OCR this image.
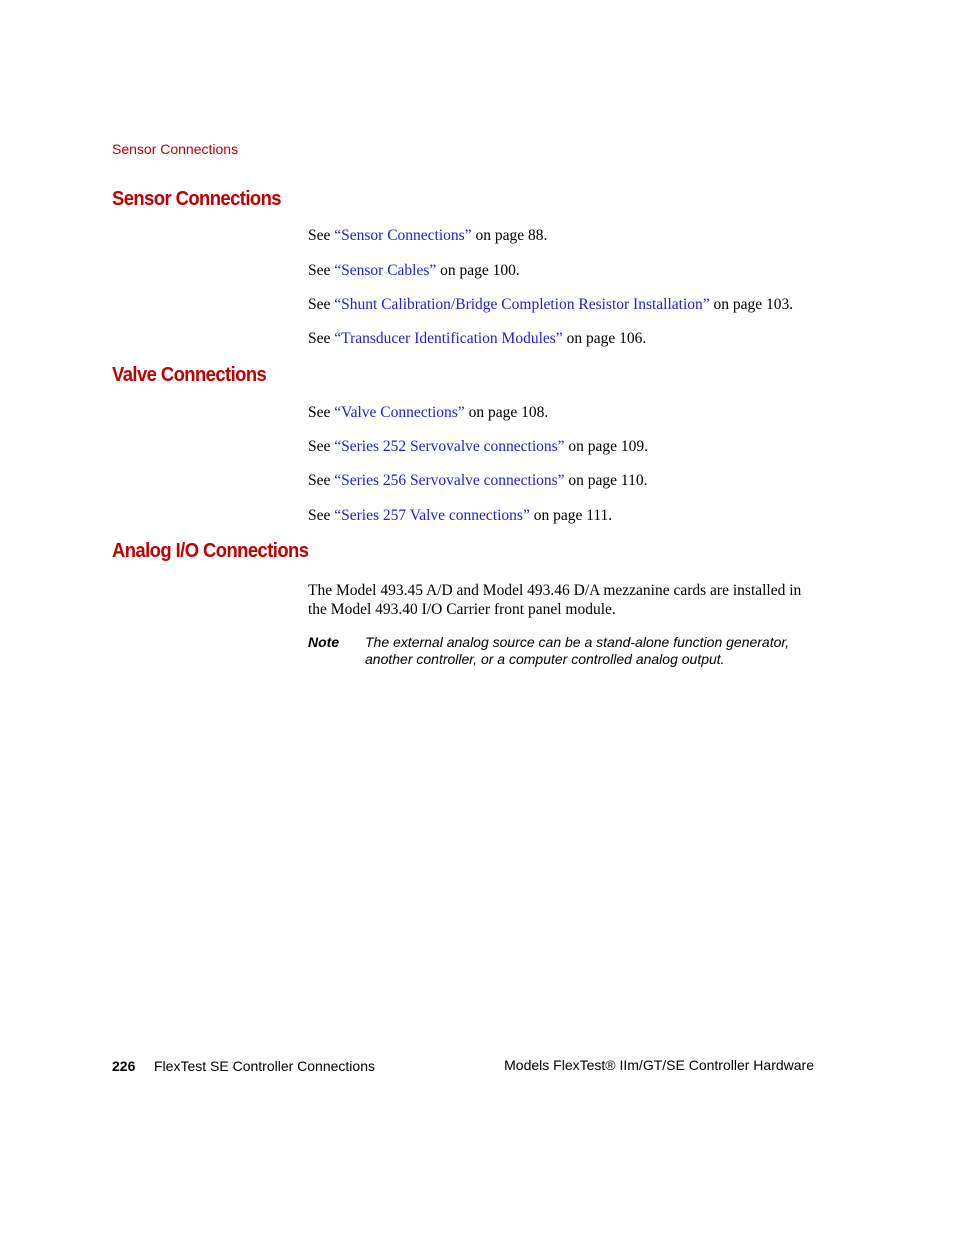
Sensor Connections
Sensor Connections
See “Sensor Connections” on page 88.
See “Sensor Cables” on page 100.
See “Shunt Calibration/Bridge Completion Resistor Installation” on page 103.
See “Transducer Identification Modules” on page 106.
Valve Connections
See “Valve Connections” on page 108.
See “Series 252 Servovalve connections” on page 109.
See “Series 256 Servovalve connections” on page 110.
See “Series 257 Valve connections” on page 111.
Analog I/O Connections
The Model 493.45 A/D and Model 493.46 D/A mezzanine cards are installed in the Model 493.40 I/O Carrier front panel module.
Note The external analog source can be a stand-alone function generator, another controller, or a computer controlled analog output.
226 FlexTest SE Controller Connections	Models FlexTest® IIm/GT/SE Controller Hardware
